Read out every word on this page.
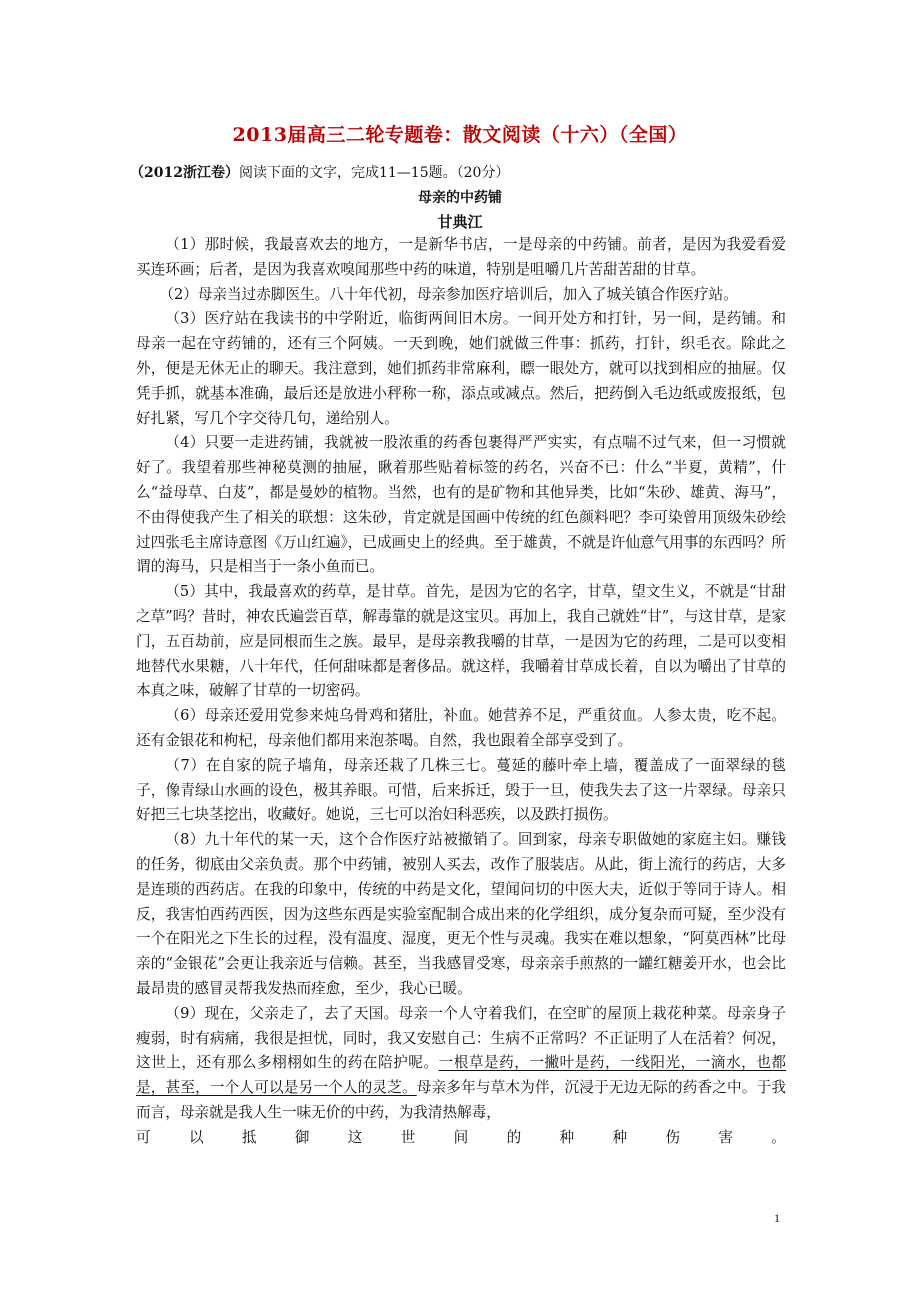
2013届高三二轮专题卷：散文阅读（十六）（全国）
（2012浙江卷）阅读下面的文字，完成11—15题。（20分）
母亲的中药铺
甘典江

（1）那时候，我最喜欢去的地方，一是新华书店，一是母亲的中药铺。前者，是因为我爱看爱买连环画；后者，是因为我喜欢嗅闻那些中药的味道，特别是咀嚼几片苦甜苦甜的甘草。

（2）母亲当过赤脚医生。八十年代初，母亲参加医疗培训后，加入了城关镇合作医疗站。

（3）医疗站在我读书的中学附近，临街两间旧木房。一间开处方和打针，另一间，是药铺。和母亲一起在守药铺的，还有三个阿姨。一天到晚，她们就做三件事：抓药，打针，织毛衣。除此之外，便是无休无止的聊天。我注意到，她们抓药非常麻利，瞟一眼处方，就可以找到相应的抽屉。仅凭手抓，就基本准确，最后还是放进小秤称一称，添点或减点。然后，把药倒入毛边纸或废报纸，包好扎紧，写几个字交待几句，递给别人。

（4）只要一走进药铺，我就被一股浓重的药香包裹得严严实实，有点喘不过气来，但一习惯就好了。我望着那些神秘莫测的抽屉，瞅着那些贴着标签的药名，兴奋不已：什么“半夏，黄精”，什么“益母草、白芨”，都是曼妙的植物。当然，也有的是矿物和其他异类，比如“朱砂、雄黄、海马”，不由得使我产生了相关的联想：这朱砂，肯定就是国画中传统的红色颜料吧？李可染曾用顶级朱砂绘过四张毛主席诗意图《万山红遍》，已成画史上的经典。至于雄黄，不就是许仙意气用事的东西吗？所谓的海马，只是相当于一条小鱼而已。

（5）其中，我最喜欢的药草，是甘草。首先，是因为它的名字，甘草，望文生义，不就是“甘甜之草”吗？昔时，神农氏遍尝百草，解毒靠的就是这宝贝。再加上，我自己就姓“甘”，与这甘草，是家门，五百劫前，应是同根而生之族。最早，是母亲教我嚼的甘草，一是因为它的药理，二是可以变相地替代水果糖，八十年代，任何甜味都是奢侈品。就这样，我嚼着甘草成长着，自以为嚼出了甘草的本真之味，破解了甘草的一切密码。

（6）母亲还爱用党参来炖乌骨鸡和猪肚，补血。她营养不足，严重贫血。人参太贵，吃不起。还有金银花和枸杞，母亲他们都用来泡茶喝。自然，我也跟着全部享受到了。

（7）在自家的院子墙角，母亲还栽了几株三七。蔓延的藤叶牵上墙，覆盖成了一面翠绿的毯子，像青绿山水画的设色，极其养眼。可惜，后来拆迁，毁于一旦，使我失去了这一片翠绿。母亲只好把三七块茎挖出，收藏好。她说，三七可以治妇科恶疾，以及跌打损伤。

（8）九十年代的某一天，这个合作医疗站被撤销了。回到家，母亲专职做她的家庭主妇。赚钱的任务，彻底由父亲负责。那个中药铺，被别人买去，改作了服装店。从此，街上流行的药店，大多是连琐的西药店。在我的印象中，传统的中药是文化，望闻问切的中医大夫，近似于等同于诗人。相反，我害怕西药西医，因为这些东西是实验室配制合成出来的化学组织，成分复杂而可疑，至少没有一个在阳光之下生长的过程，没有温度、湿度，更无个性与灵魂。我实在难以想象，“阿莫西林”比母亲的“金银花”会更让我亲近与信赖。甚至，当我感冒受寒，母亲亲手煎熬的一罐红糖姜开水，也会比最昂贵的感冒灵帮我发热而痊愈，至少，我心已暖。

（9）现在，父亲走了，去了天国。母亲一个人守着我们，在空旷的屋顶上栽花种菜。母亲身子瘦弱，时有病痛，我很是担忧，同时，我又安慰自己：生病不正常吗？不正证明了人在活着？何况，这世上，还有那么多栩栩如生的药在陪护呢。一根草是药，一撇叶是药，一线阳光，一滴水，也都是，甚至，一个人可以是另一个人的灵芝。母亲多年与草木为伴，沉浸于无边无际的药香之中。于我而言，母亲就是我人生一味无价的中药，为我清热解毒，

可	以	抵	御	这	世	间	的	种	种	伤	害	。
1
